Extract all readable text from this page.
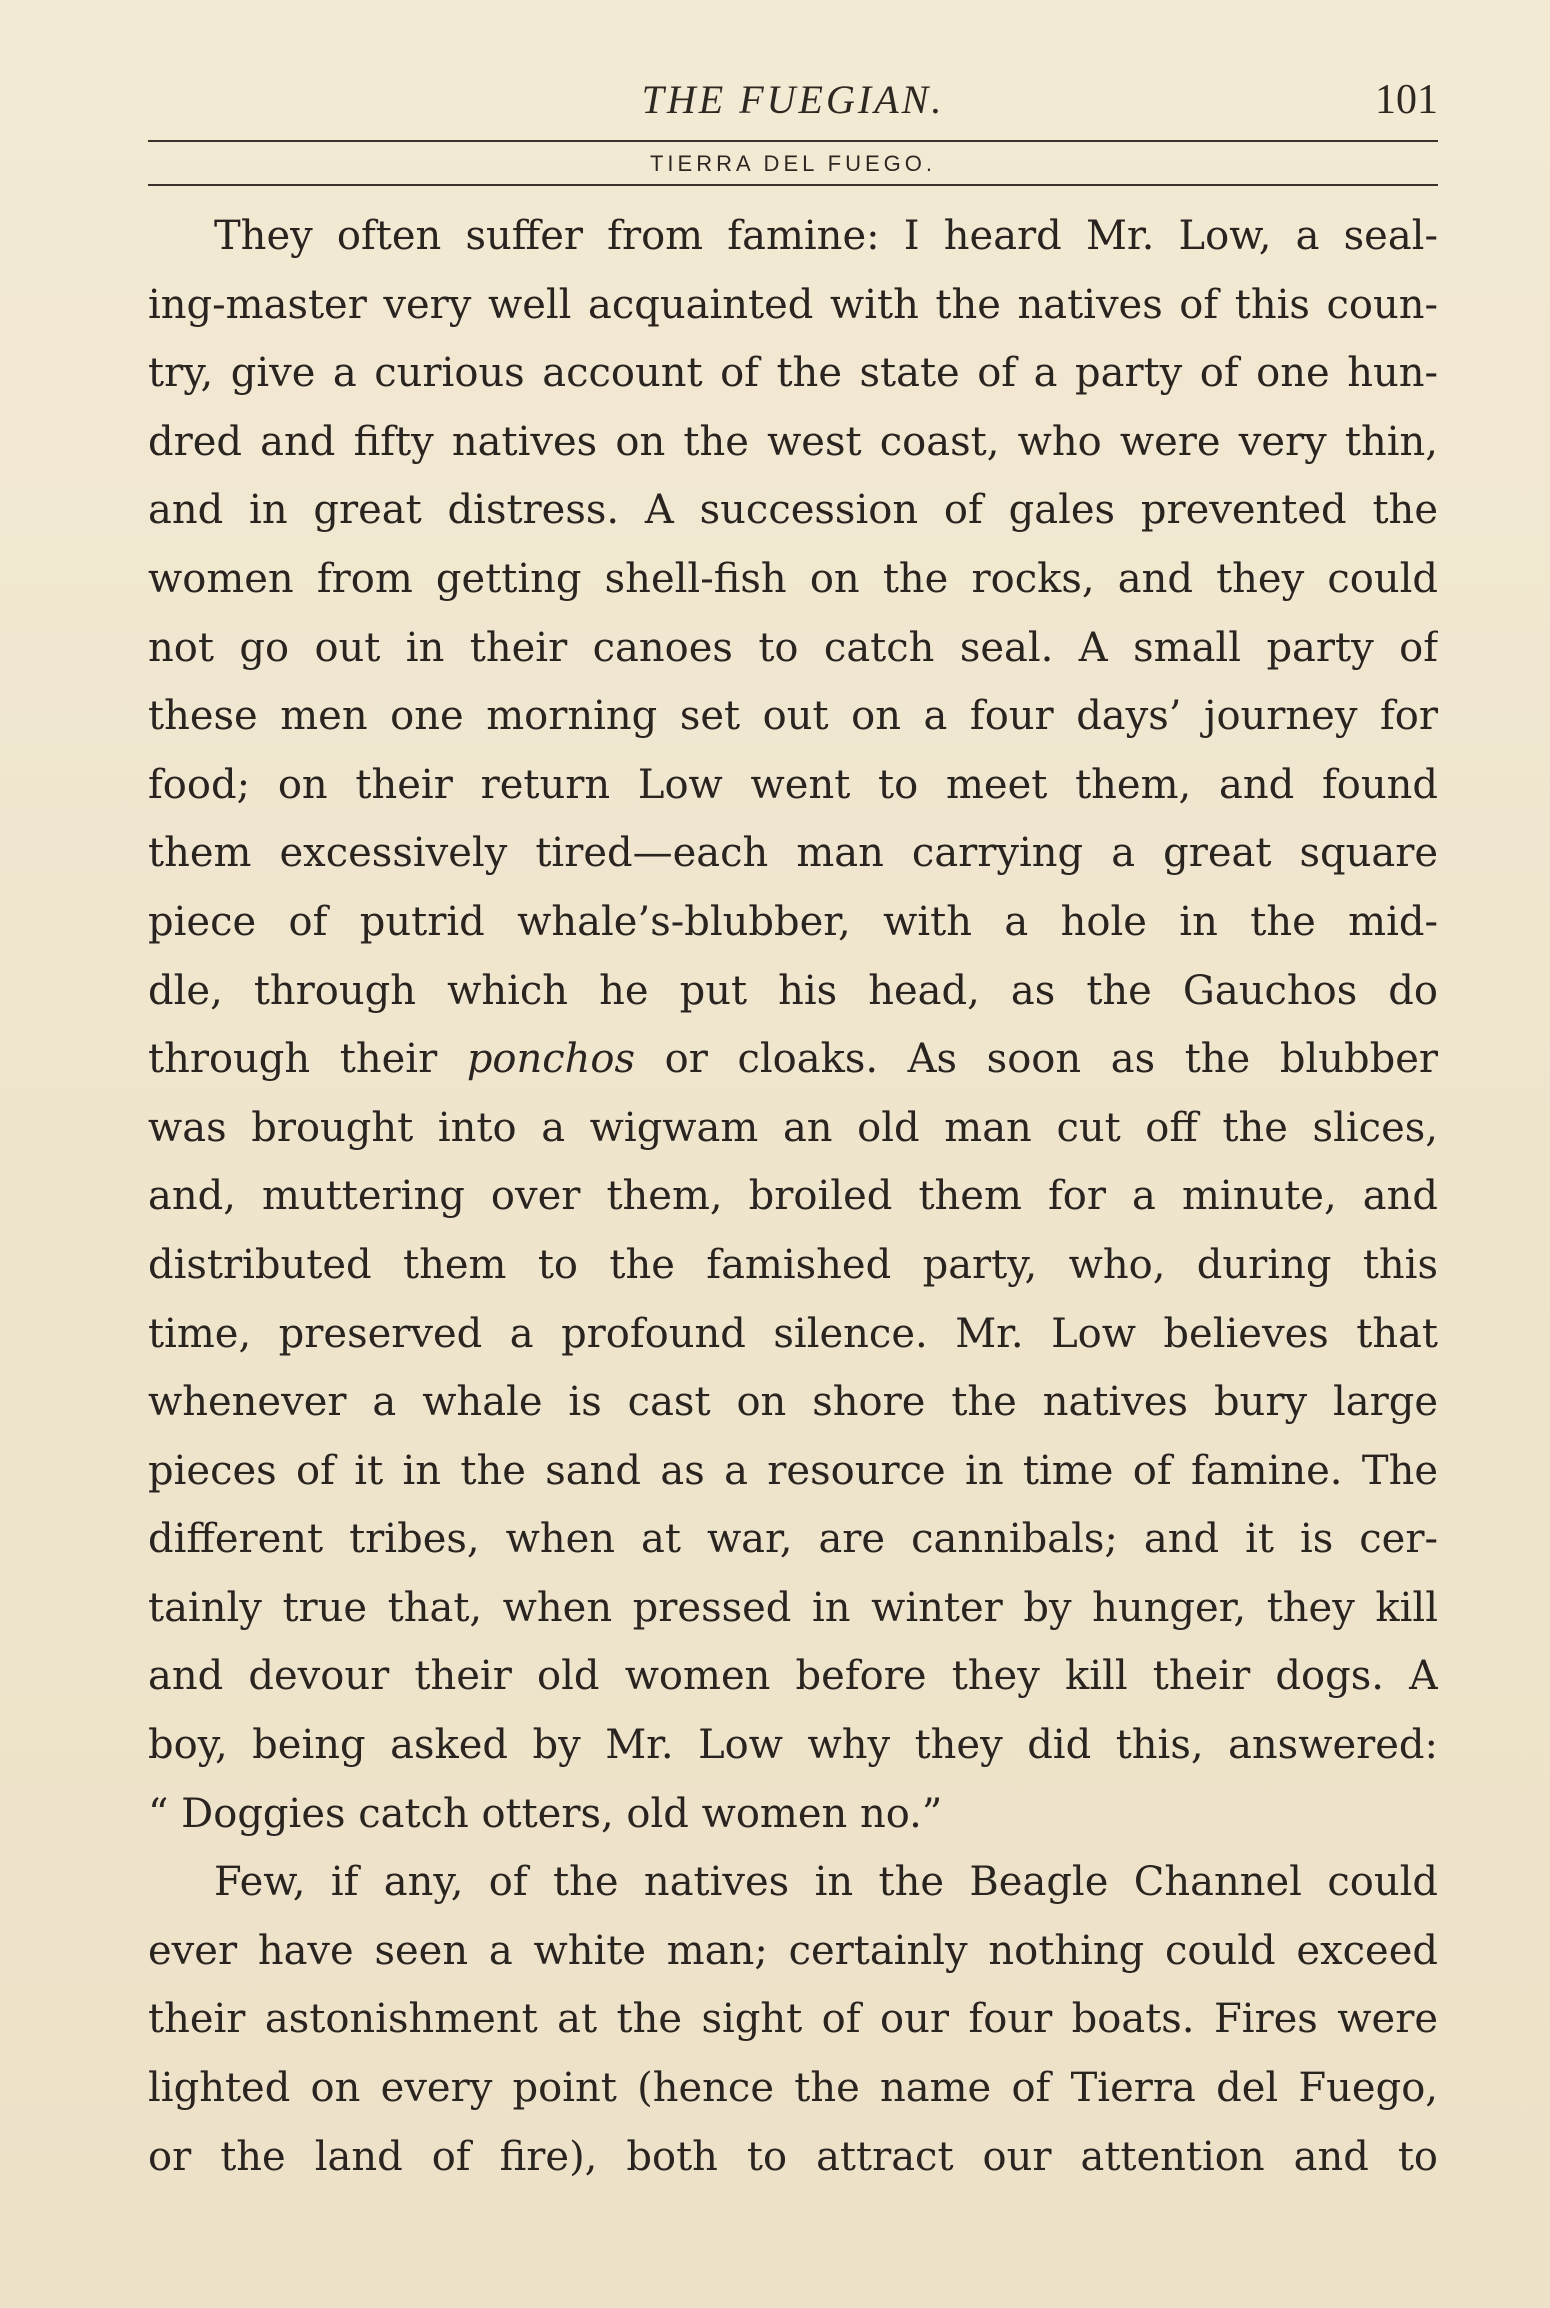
THE FUEGIAN.	101
TIERRA DEL FUEGO.
They often suffer from famine: I heard Mr. Low, a seal-
ing-master very well acquainted with the natives of this coun-
try, give a curious account of the state of a party of one hun-
dred and fifty natives on the west coast, who were very thin,
and in great distress. A succession of gales prevented the
women from getting shell-fish on the rocks, and they could
not go out in their canoes to catch seal. A small party of
these men one morning set out on a four days’ journey for
food; on their return Low went to meet them, and found
them excessively tired—each man carrying a great square
piece of putrid whale’s-blubber, with a hole in the mid-
dle, through which he put his head, as the Gauchos do
through their ponchos or cloaks. As soon as the blubber
was brought into a wigwam an old man cut off the slices,
and, muttering over them, broiled them for a minute, and
distributed them to the famished party, who, during this
time, preserved a profound silence. Mr. Low believes that
whenever a whale is cast on shore the natives bury large
pieces of it in the sand as a resource in time of famine. The
different tribes, when at war, are cannibals; and it is cer-
tainly true that, when pressed in winter by hunger, they kill
and devour their old women before they kill their dogs. A
boy, being asked by Mr. Low why they did this, answered:
“ Doggies catch otters, old women no.”
Few, if any, of the natives in the Beagle Channel could
ever have seen a white man; certainly nothing could exceed
their astonishment at the sight of our four boats. Fires were
lighted on every point (hence the name of Tierra del Fuego,
or the land of fire), both to attract our attention and to
